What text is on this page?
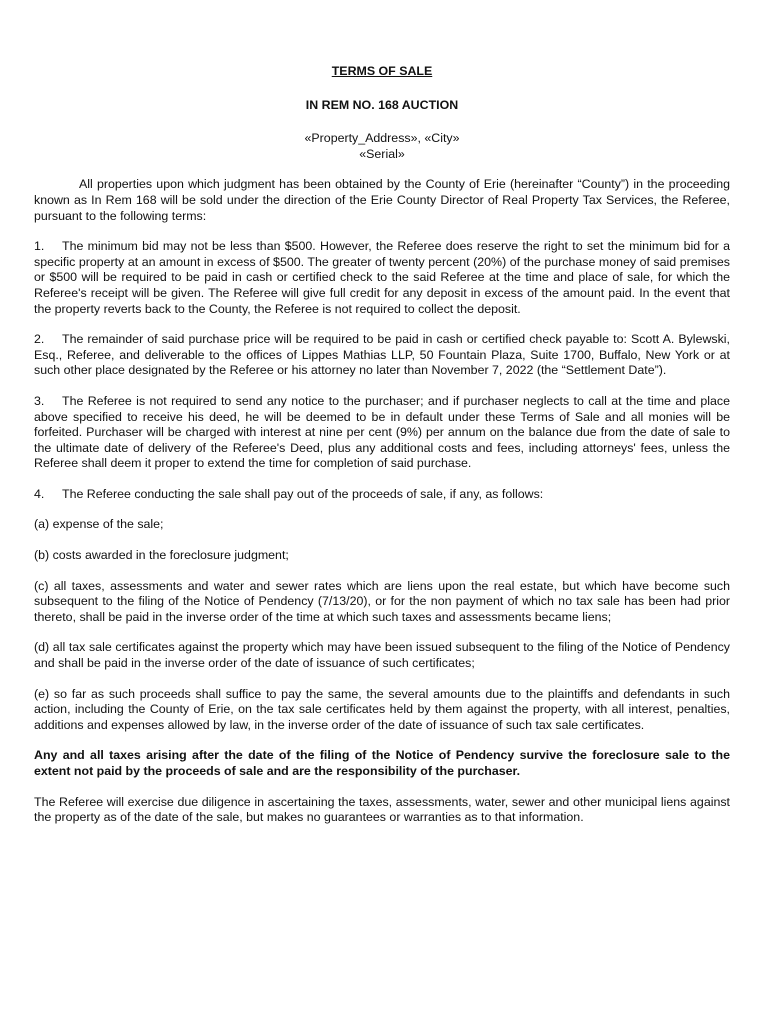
TERMS OF SALE
IN REM NO. 168 AUCTION
«Property_Address», «City»
«Serial»

All properties upon which judgment has been obtained by the County of Erie (hereinafter “County”) in the proceeding known as In Rem 168 will be sold under the direction of the Erie County Director of Real Property Tax Services, the Referee, pursuant to the following terms:

1. The minimum bid may not be less than $500. However, the Referee does reserve the right to set the minimum bid for a specific property at an amount in excess of $500. The greater of twenty percent (20%) of the purchase money of said premises or $500 will be required to be paid in cash or certified check to the said Referee at the time and place of sale, for which the Referee's receipt will be given. The Referee will give full credit for any deposit in excess of the amount paid. In the event that the property reverts back to the County, the Referee is not required to collect the deposit.

2. The remainder of said purchase price will be required to be paid in cash or certified check payable to: Scott A. Bylewski, Esq., Referee, and deliverable to the offices of Lippes Mathias LLP, 50 Fountain Plaza, Suite 1700, Buffalo, New York or at such other place designated by the Referee or his attorney no later than November 7, 2022 (the “Settlement Date”).

3. The Referee is not required to send any notice to the purchaser; and if purchaser neglects to call at the time and place above specified to receive his deed, he will be deemed to be in default under these Terms of Sale and all monies will be forfeited. Purchaser will be charged with interest at nine per cent (9%) per annum on the balance due from the date of sale to the ultimate date of delivery of the Referee's Deed, plus any additional costs and fees, including attorneys' fees, unless the Referee shall deem it proper to extend the time for completion of said purchase.

4. The Referee conducting the sale shall pay out of the proceeds of sale, if any, as follows:

(a) expense of the sale;

(b) costs awarded in the foreclosure judgment;

(c) all taxes, assessments and water and sewer rates which are liens upon the real estate, but which have become such subsequent to the filing of the Notice of Pendency (7/13/20), or for the non payment of which no tax sale has been had prior thereto, shall be paid in the inverse order of the time at which such taxes and assessments became liens;

(d) all tax sale certificates against the property which may have been issued subsequent to the filing of the Notice of Pendency and shall be paid in the inverse order of the date of issuance of such certificates;

(e) so far as such proceeds shall suffice to pay the same, the several amounts due to the plaintiffs and defendants in such action, including the County of Erie, on the tax sale certificates held by them against the property, with all interest, penalties, additions and expenses allowed by law, in the inverse order of the date of issuance of such tax sale certificates.

Any and all taxes arising after the date of the filing of the Notice of Pendency survive the foreclosure sale to the extent not paid by the proceeds of sale and are the responsibility of the purchaser.

The Referee will exercise due diligence in ascertaining the taxes, assessments, water, sewer and other municipal liens against the property as of the date of the sale, but makes no guarantees or warranties as to that information.
